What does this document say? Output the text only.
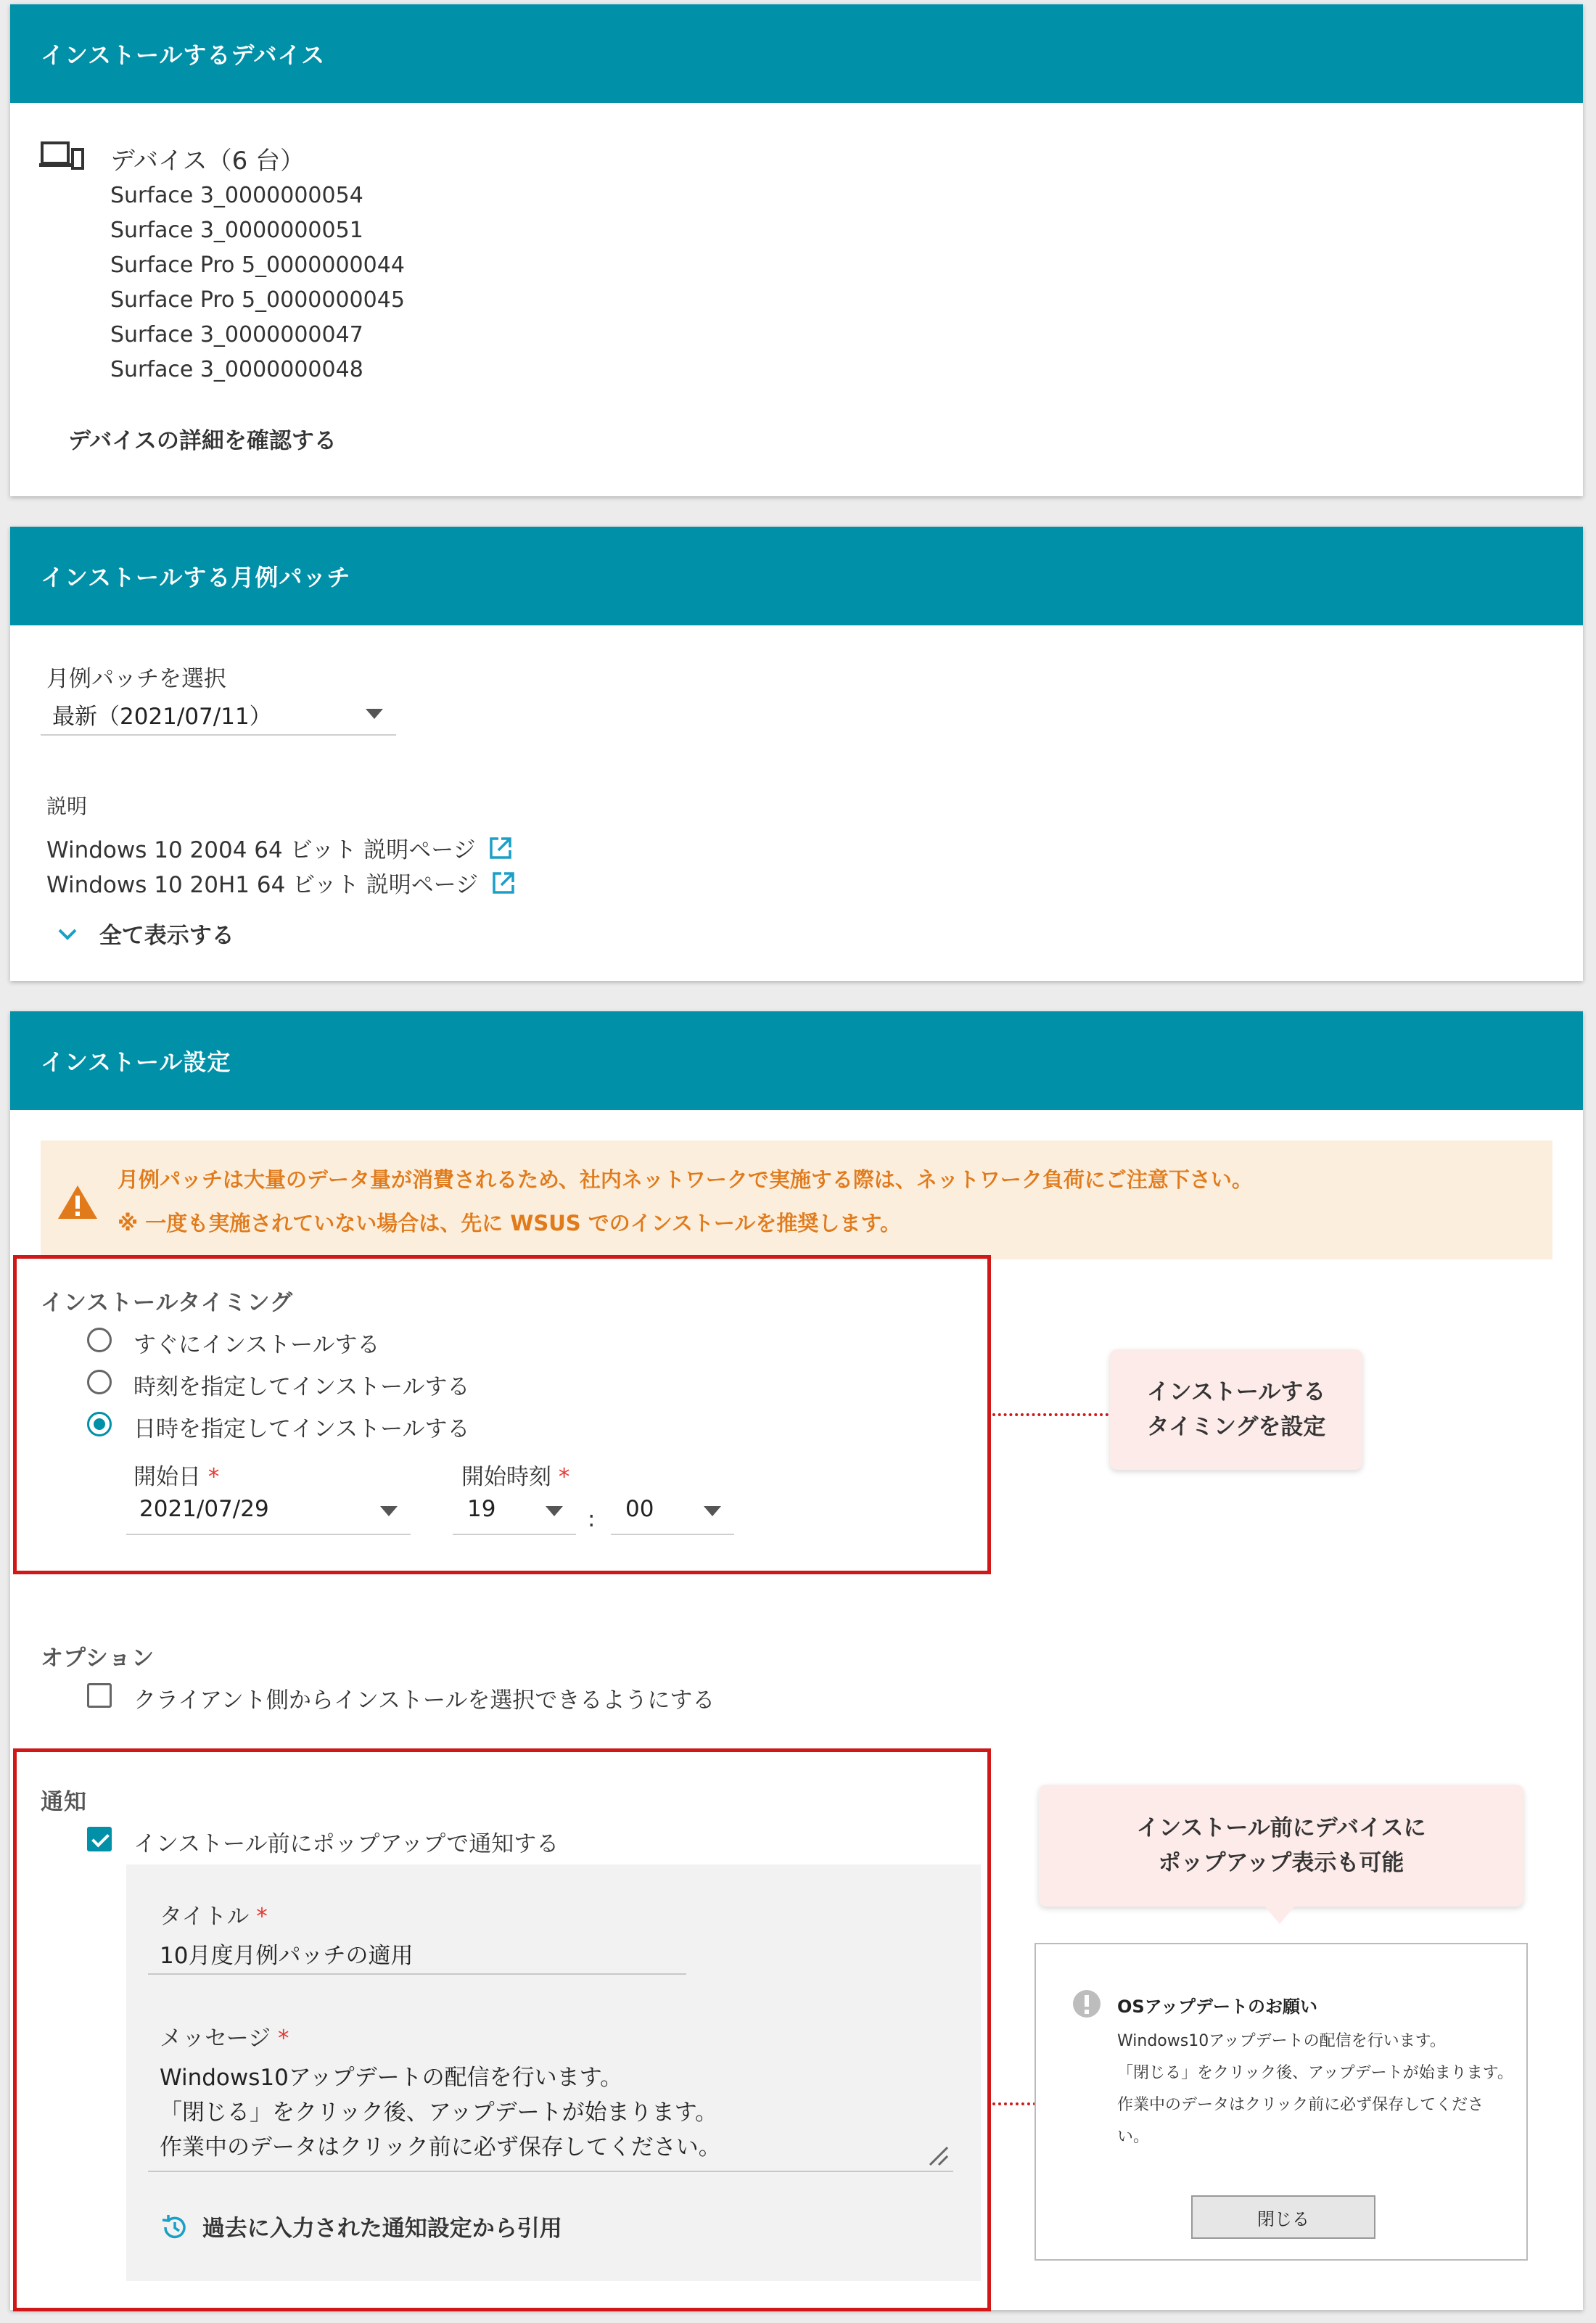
インストールするデバイス
デバイス（6 台）
Surface 3_0000000054
Surface 3_0000000051
Surface Pro 5_0000000044
Surface Pro 5_0000000045
Surface 3_0000000047
Surface 3_0000000048
デバイスの詳細を確認する
インストールする月例パッチ
月例パッチを選択
最新（2021/07/11）
説明
Windows 10 2004 64 ビット 説明ページ
Windows 10 20H1 64 ビット 説明ページ
全て表示する
インストール設定
月例パッチは大量のデータ量が消費されるため、社内ネットワークで実施する際は、ネットワーク負荷にご注意下さい。
※ 一度も実施されていない場合は、先に WSUS でのインストールを推奨します。
インストールタイミング
すぐにインストールする
時刻を指定してインストールする
日時を指定してインストールする
開始日 *
2021/07/29
開始時刻 *
19	: 00
インストールする
タイミングを設定
オプション
クライアント側からインストールを選択できるようにする
通知
インストール前にポップアップで通知する
タイトル *
10月度月例パッチの適用
メッセージ *
Windows10アップデートの配信を行います。
「閉じる」をクリック後、アップデートが始まります。
作業中のデータはクリック前に必ず保存してください。
過去に入力された通知設定から引用
インストール前にデバイスに
ポップアップ表示も可能
OSアップデートのお願い
Windows10アップデートの配信を行います。
「閉じる」をクリック後、アップデートが始まります。
作業中のデータはクリック前に必ず保存してくださ
い。
閉じる
